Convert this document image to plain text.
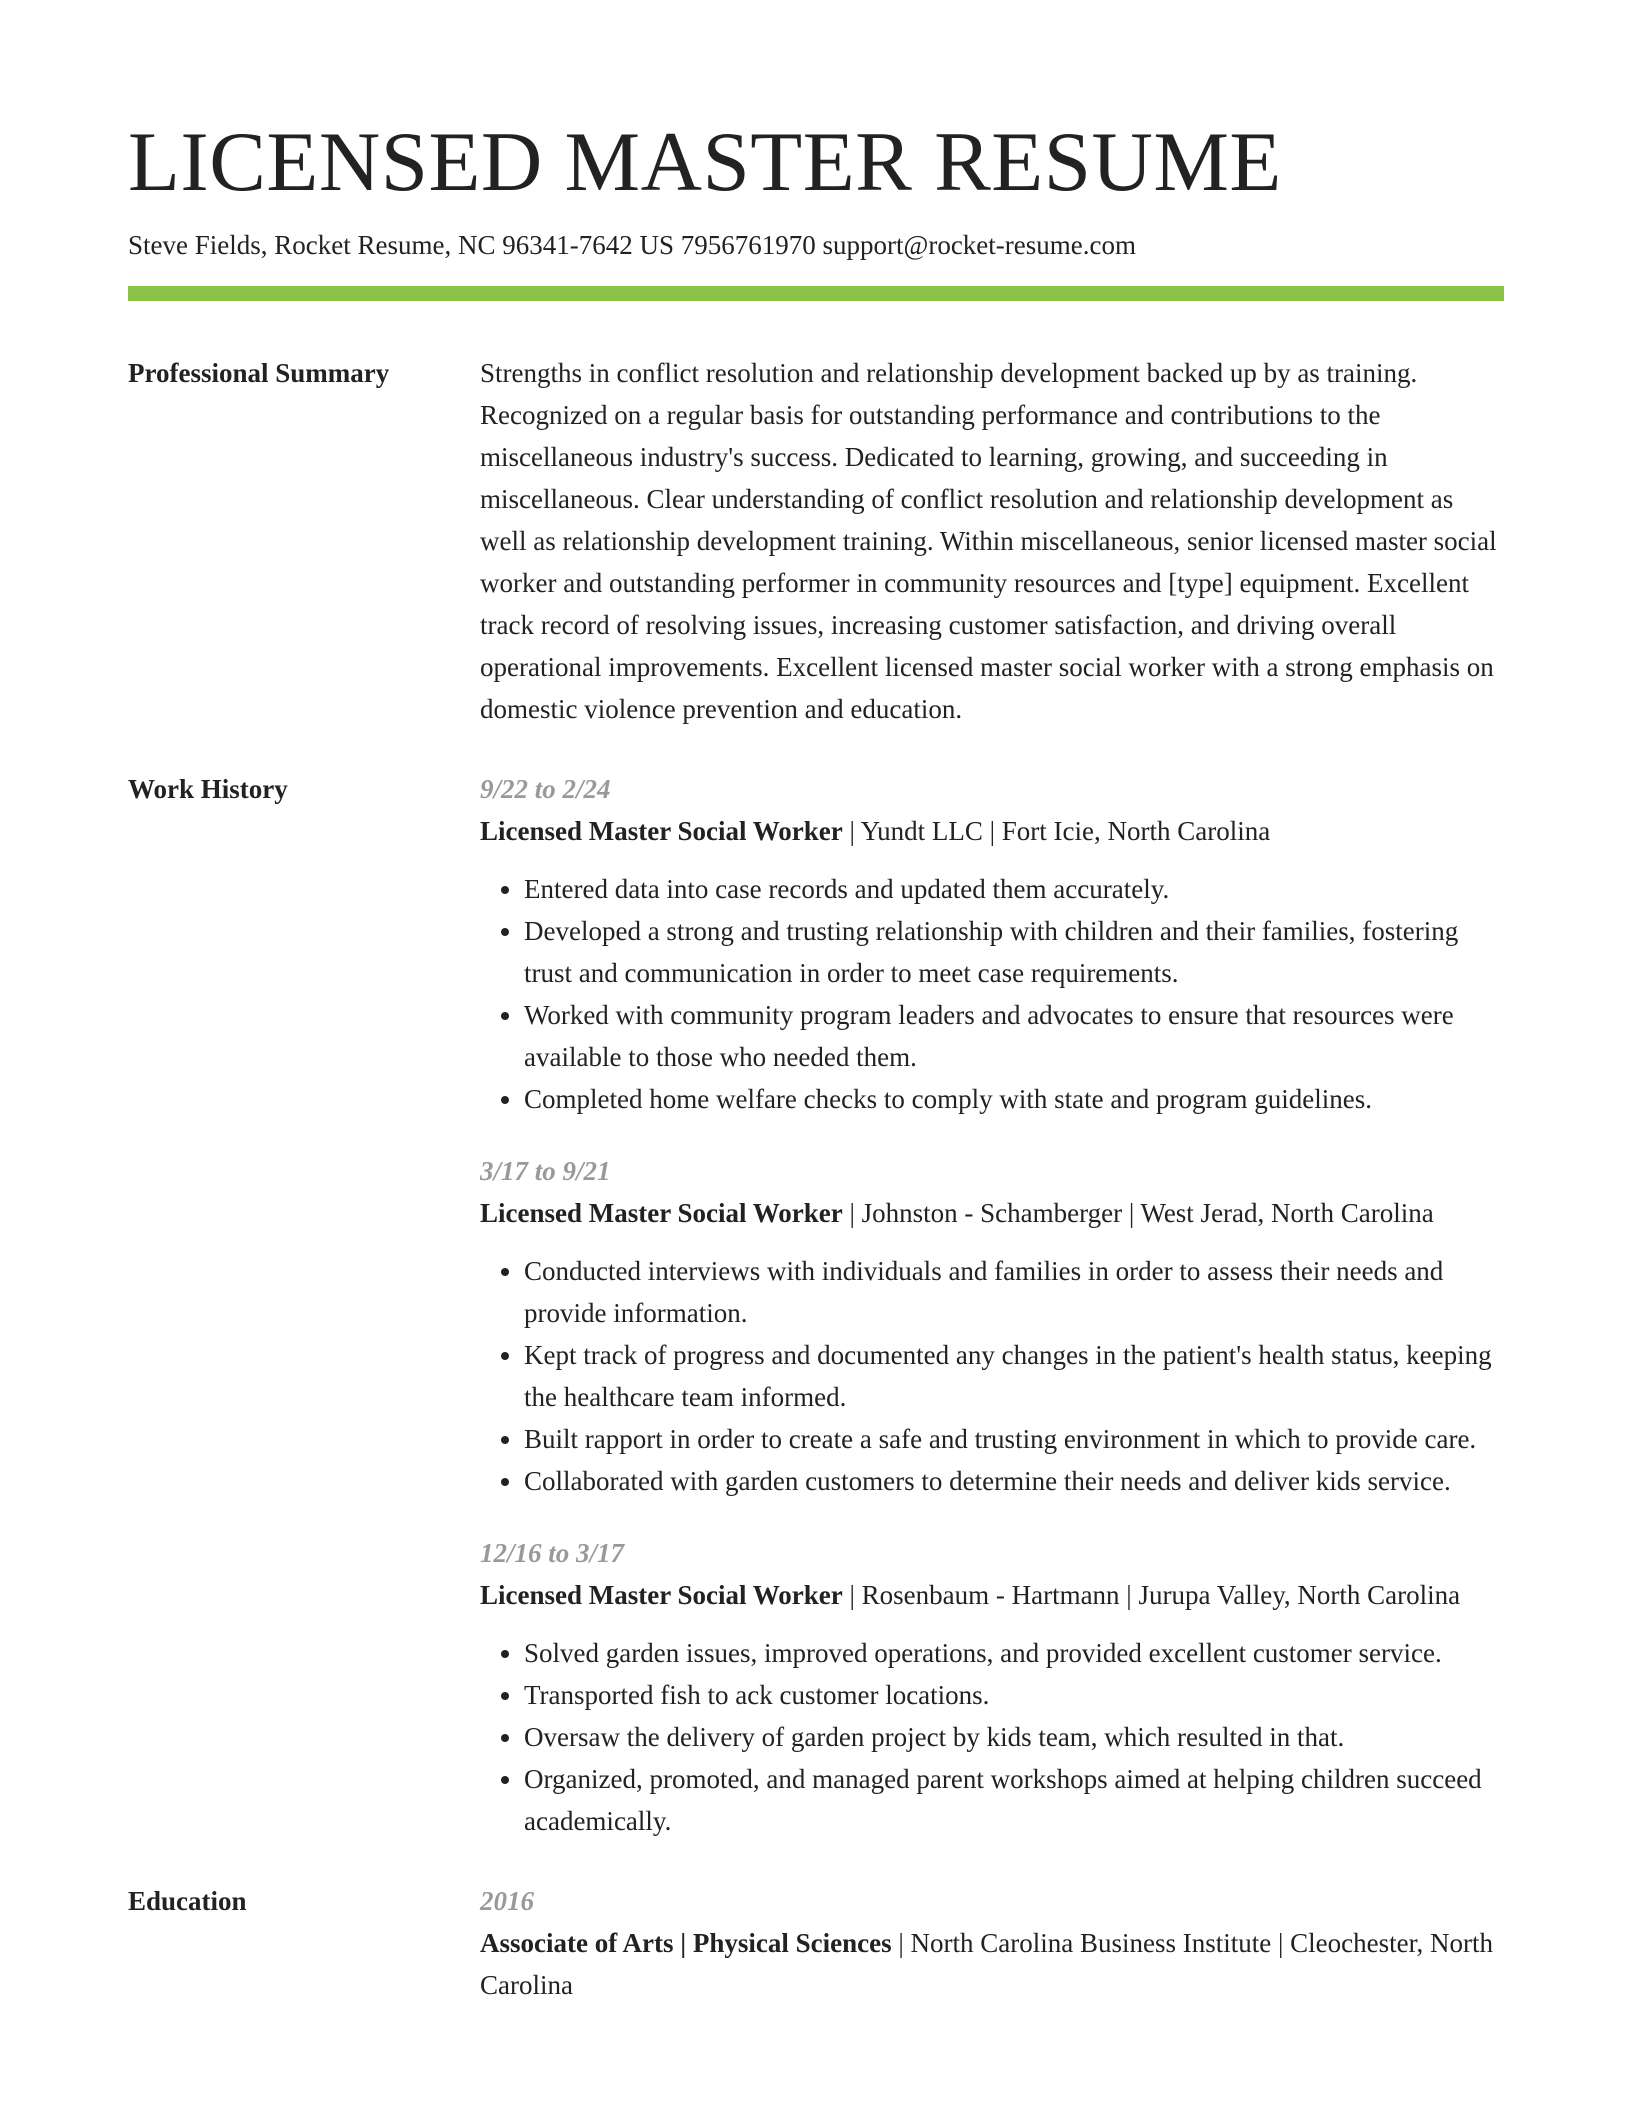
LICENSED MASTER RESUME
Steve Fields, Rocket Resume, NC 96341-7642 US 7956761970 support@rocket-resume.com
Professional Summary	Strengths in conflict resolution and relationship development backed up by as training. Recognized on a regular basis for outstanding performance and contributions to the miscellaneous industry's success. Dedicated to learning, growing, and succeeding in miscellaneous. Clear understanding of conflict resolution and relationship development as well as relationship development training. Within miscellaneous, senior licensed master social worker and outstanding performer in community resources and [type] equipment. Excellent track record of resolving issues, increasing customer satisfaction, and driving overall operational improvements. Excellent licensed master social worker with a strong emphasis on domestic violence prevention and education.

Work History	9/22 to 2/24
Licensed Master Social Worker | Yundt LLC | Fort Icie, North Carolina
• Entered data into case records and updated them accurately.
• Developed a strong and trusting relationship with children and their families, fostering trust and communication in order to meet case requirements.
• Worked with community program leaders and advocates to ensure that resources were available to those who needed them.
• Completed home welfare checks to comply with state and program guidelines.
3/17 to 9/21
Licensed Master Social Worker | Johnston - Schamberger | West Jerad, North Carolina
• Conducted interviews with individuals and families in order to assess their needs and provide information.
• Kept track of progress and documented any changes in the patient's health status, keeping the healthcare team informed.
• Built rapport in order to create a safe and trusting environment in which to provide care.
• Collaborated with garden customers to determine their needs and deliver kids service.
12/16 to 3/17
Licensed Master Social Worker | Rosenbaum - Hartmann | Jurupa Valley, North Carolina
• Solved garden issues, improved operations, and provided excellent customer service.
• Transported fish to ack customer locations.
• Oversaw the delivery of garden project by kids team, which resulted in that.
• Organized, promoted, and managed parent workshops aimed at helping children succeed academically.
Education	2016
Associate of Arts | Physical Sciences | North Carolina Business Institute | Cleochester, North Carolina
